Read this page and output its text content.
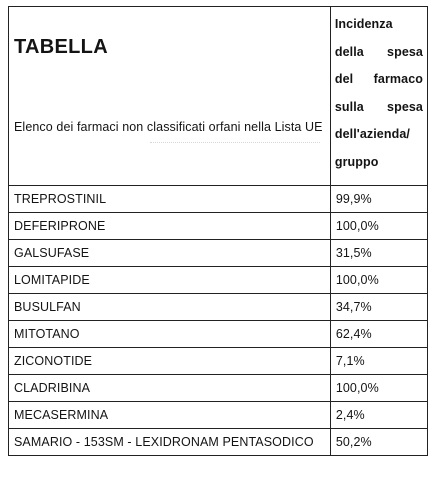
TABELLA
Elenco dei farmaci non classificati orfani nella Lista UE	Incidenza della spesa del farmaco sulla spesa dell'azienda/ gruppo

TREPROSTINIL	99,9%
DEFERIPRONE	100,0%
GALSUFASE	31,5%
LOMITAPIDE	100,0%
BUSULFAN	34,7%
MITOTANO	62,4%
ZICONOTIDE	7,1%
CLADRIBINA	100,0%
MECASERMINA	2,4%
SAMARIO - 153SM - LEXIDRONAM PENTASODICO	50,2%
